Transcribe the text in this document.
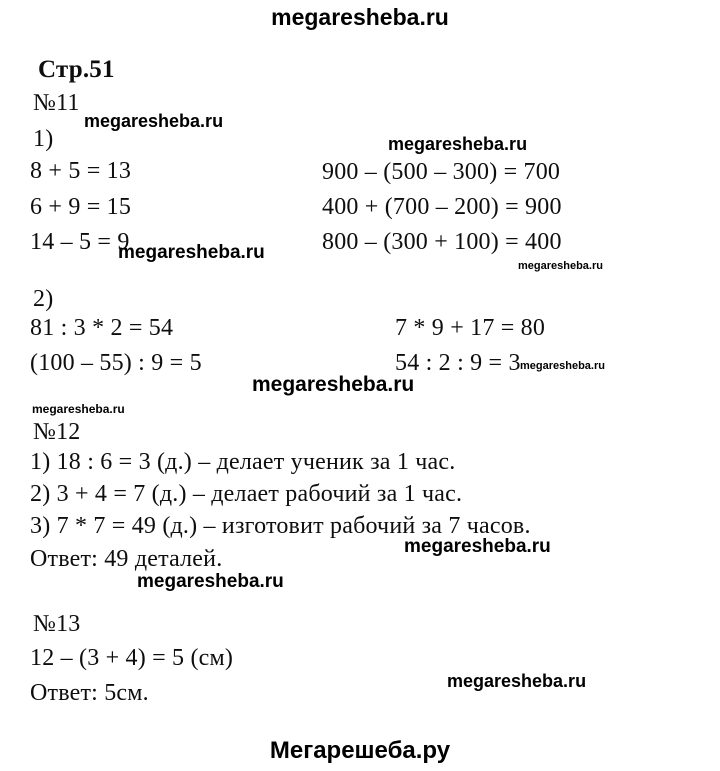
megaresheba.ru
Стр.51
№11
megaresheba.ru
1)	megaresheba.ru
8 + 5 = 13	900 – (500 – 300) = 700
6 + 9 = 15	400 + (700 – 200) = 900
14 – 5 = 9	800 – (300 + 100) = 400
megaresheba.ru
megaresheba.ru
2)
81 : 3 * 2 = 54	7 * 9 + 17 = 80
(100 – 55) : 9 = 5	54 : 2 : 9 = 3 megaresheba.ru
megaresheba.ru
megaresheba.ru
№12
1) 18 : 6 = 3 (д.) – делает ученик за 1 час.
2) 3 + 4 = 7 (д.) – делает рабочий за 1 час.
3) 7 * 7 = 49 (д.) – изготовит рабочий за 7 часов.
Ответ: 49 деталей.	megaresheba.ru
megaresheba.ru
№13
12 – (3 + 4) = 5 (см)
Ответ: 5см.	megaresheba.ru
Мегарешеба.ру
